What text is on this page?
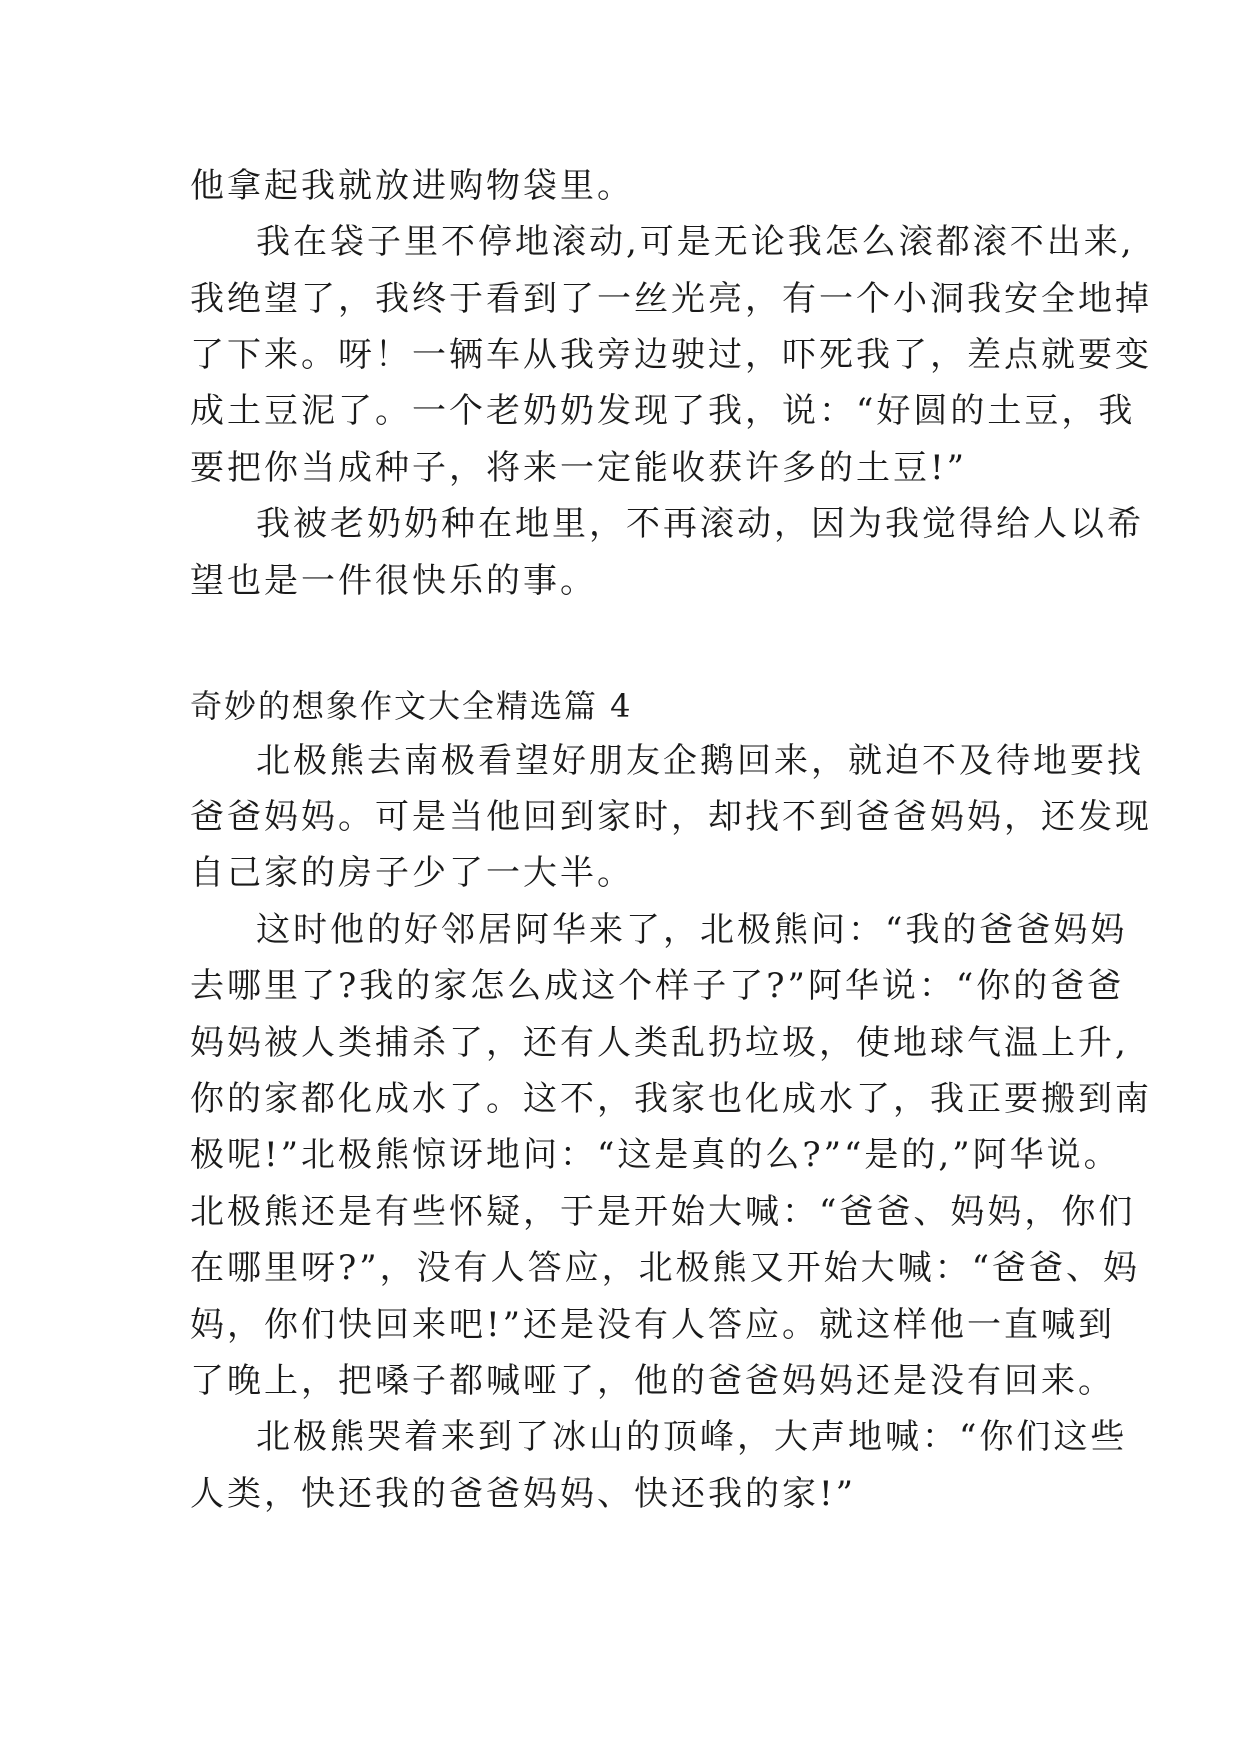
他拿起我就放进购物袋里。
我在袋子里不停地滚动,可是无论我怎么滚都滚不出来,
我绝望了，我终于看到了一丝光亮，有一个小洞我安全地掉
了下来。呀！一辆车从我旁边驶过，吓死我了，差点就要变
成土豆泥了。一个老奶奶发现了我，说：“好圆的土豆，我
要把你当成种子，将来一定能收获许多的土豆!”
我被老奶奶种在地里，不再滚动，因为我觉得给人以希
望也是一件很快乐的事。
奇妙的想象作文大全精选篇 4
北极熊去南极看望好朋友企鹅回来，就迫不及待地要找
爸爸妈妈。可是当他回到家时，却找不到爸爸妈妈，还发现
自己家的房子少了一大半。
这时他的好邻居阿华来了，北极熊问：“我的爸爸妈妈
去哪里了?我的家怎么成这个样子了?”阿华说：“你的爸爸
妈妈被人类捕杀了，还有人类乱扔垃圾，使地球气温上升,
你的家都化成水了。这不，我家也化成水了，我正要搬到南
极呢!”北极熊惊讶地问：“这是真的么?”“是的,”阿华说。
北极熊还是有些怀疑，于是开始大喊：“爸爸、妈妈，你们
在哪里呀?”，没有人答应，北极熊又开始大喊：“爸爸、妈
妈，你们快回来吧!”还是没有人答应。就这样他一直喊到
了晚上，把嗓子都喊哑了，他的爸爸妈妈还是没有回来。
北极熊哭着来到了冰山的顶峰，大声地喊：“你们这些
人类，快还我的爸爸妈妈、快还我的家!”
